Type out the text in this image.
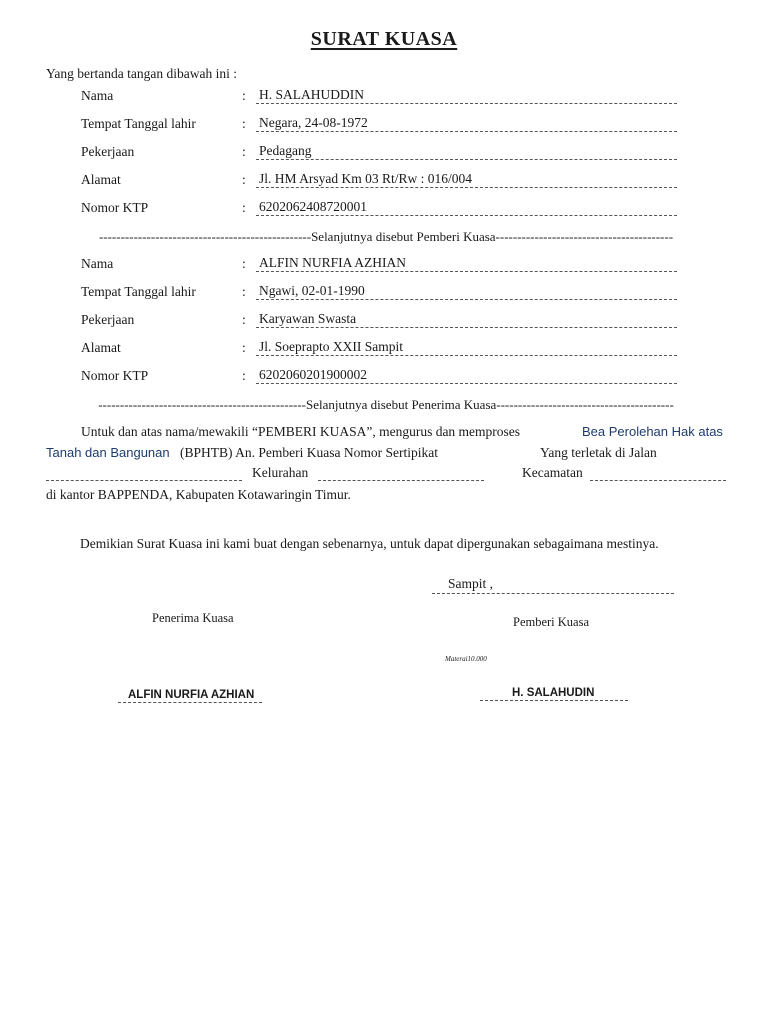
SURAT KUASA
Yang bertanda tangan dibawah ini :
Nama	: H. SALAHUDDIN
Tempat Tanggal lahir	: Negara, 24-08-1972
Pekerjaan	: Pedagang
Alamat	: Jl. HM Arsyad Km 03 Rt/Rw : 016/004
Nomor KTP	: 6202062408720001
-------------------------------------------------Selanjutnya disebut Pemberi Kuasa-----------------------------------------
Nama	: ALFIN NURFIA AZHIAN
Tempat Tanggal lahir	: Ngawi, 02-01-1990
Pekerjaan	: Karyawan Swasta
Alamat	: Jl. Soeprapto XXII Sampit
Nomor KTP	: 6202060201900002
------------------------------------------------Selanjutnya disebut Penerima Kuasa-----------------------------------------
Untuk dan atas nama/mewakili “PEMBERI KUASA”, mengurus dan memproses	Bea Perolehan Hak atas
Tanah dan Bangunan (BPHTB) An. Pemberi Kuasa Nomor Sertipikat	Yang terletak di Jalan
Kelurahan	Kecamatan
di kantor BAPPENDA, Kabupaten Kotawaringin Timur.
Demikian Surat Kuasa ini kami buat dengan sebenarnya, untuk dapat dipergunakan sebagaimana mestinya.
Sampit ,
Penerima Kuasa	Pemberi Kuasa
Materai10.000
ALFIN NURFIA AZHIAN	H. SALAHUDIN
